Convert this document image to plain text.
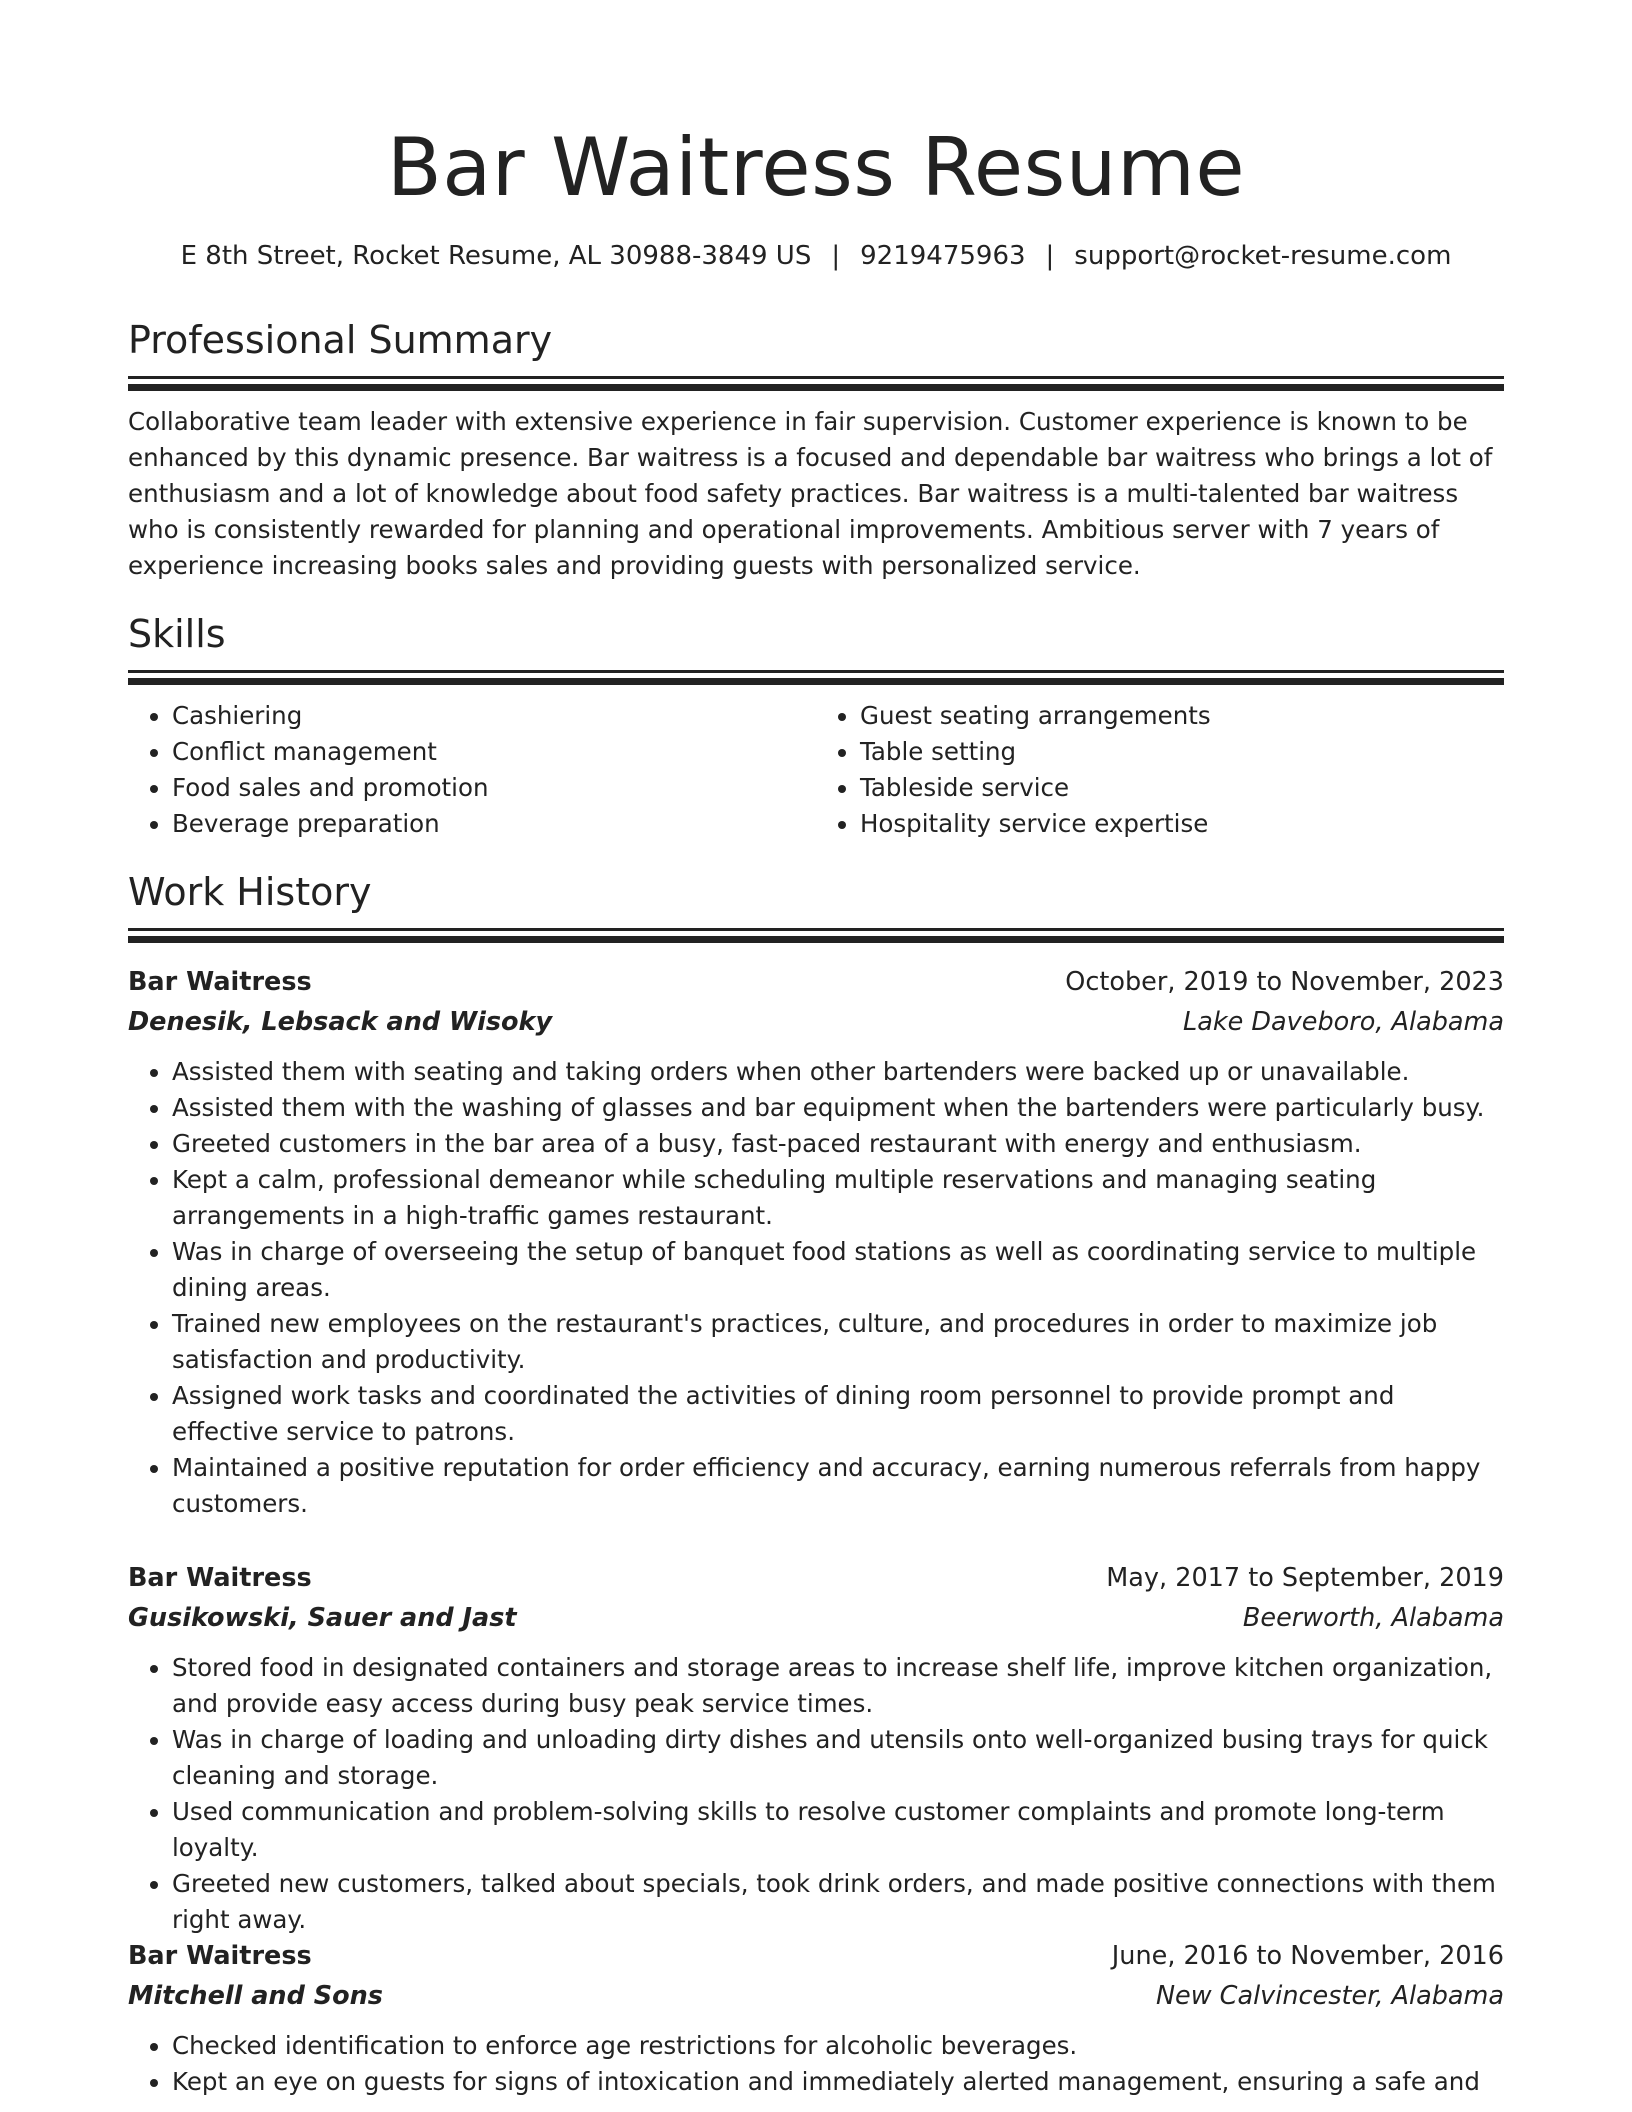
Bar Waitress Resume
E 8th Street, Rocket Resume, AL 30988-3849 US | 9219475963 | support@rocket-resume.com
Professional Summary
Collaborative team leader with extensive experience in fair supervision. Customer experience is known to be enhanced by this dynamic presence. Bar waitress is a focused and dependable bar waitress who brings a lot of enthusiasm and a lot of knowledge about food safety practices. Bar waitress is a multi-talented bar waitress who is consistently rewarded for planning and operational improvements. Ambitious server with 7 years of experience increasing books sales and providing guests with personalized service.
Skills
• Cashiering
• Conflict management
• Food sales and promotion
• Beverage preparation
• Guest seating arrangements
• Table setting
• Tableside service
• Hospitality service expertise
Work History
Bar Waitress	October, 2019 to November, 2023
Denesik, Lebsack and Wisoky	Lake Daveboro, Alabama
• Assisted them with seating and taking orders when other bartenders were backed up or unavailable.
• Assisted them with the washing of glasses and bar equipment when the bartenders were particularly busy.
• Greeted customers in the bar area of a busy, fast-paced restaurant with energy and enthusiasm.
• Kept a calm, professional demeanor while scheduling multiple reservations and managing seating arrangements in a high-traffic games restaurant.
• Was in charge of overseeing the setup of banquet food stations as well as coordinating service to multiple dining areas.
• Trained new employees on the restaurant's practices, culture, and procedures in order to maximize job satisfaction and productivity.
• Assigned work tasks and coordinated the activities of dining room personnel to provide prompt and effective service to patrons.
• Maintained a positive reputation for order efficiency and accuracy, earning numerous referrals from happy customers.
Bar Waitress	May, 2017 to September, 2019
Gusikowski, Sauer and Jast	Beerworth, Alabama
• Stored food in designated containers and storage areas to increase shelf life, improve kitchen organization, and provide easy access during busy peak service times.
• Was in charge of loading and unloading dirty dishes and utensils onto well-organized busing trays for quick cleaning and storage.
• Used communication and problem-solving skills to resolve customer complaints and promote long-term loyalty.
• Greeted new customers, talked about specials, took drink orders, and made positive connections with them right away.
Bar Waitress	June, 2016 to November, 2016
Mitchell and Sons	New Calvincester, Alabama
• Checked identification to enforce age restrictions for alcoholic beverages.
• Kept an eye on guests for signs of intoxication and immediately alerted management, ensuring a safe and
